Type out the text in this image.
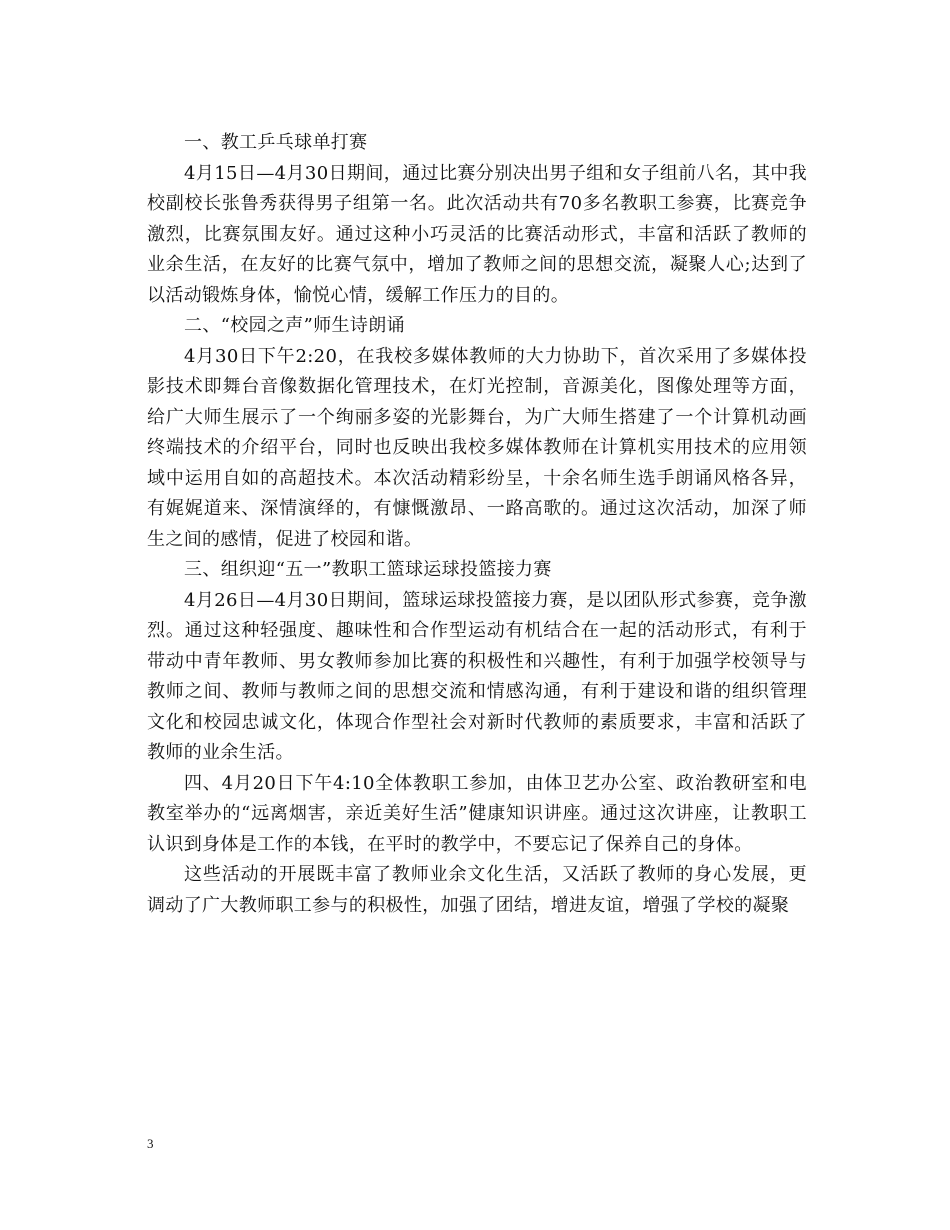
一、教工乒乓球单打赛

4月15日—4月30日期间，通过比赛分别决出男子组和女子组前八名，其中我校副校长张鲁秀获得男子组第一名。此次活动共有70多名教职工参赛，比赛竞争激烈，比赛氛围友好。通过这种小巧灵活的比赛活动形式，丰富和活跃了教师的业余生活，在友好的比赛气氛中，增加了教师之间的思想交流，凝聚人心;达到了以活动锻炼身体，愉悦心情，缓解工作压力的目的。

二、“校园之声”师生诗朗诵

4月30日下午2:20，在我校多媒体教师的大力协助下，首次采用了多媒体投影技术即舞台音像数据化管理技术，在灯光控制，音源美化，图像处理等方面，给广大师生展示了一个绚丽多姿的光影舞台，为广大师生搭建了一个计算机动画终端技术的介绍平台，同时也反映出我校多媒体教师在计算机实用技术的应用领域中运用自如的高超技术。本次活动精彩纷呈，十余名师生选手朗诵风格各异，有娓娓道来、深情演绎的，有慷慨激昂、一路高歌的。通过这次活动，加深了师生之间的感情，促进了校园和谐。

三、组织迎“五一”教职工篮球运球投篮接力赛

4月26日—4月30日期间，篮球运球投篮接力赛，是以团队形式参赛，竞争激烈。通过这种轻强度、趣味性和合作型运动有机结合在一起的活动形式，有利于带动中青年教师、男女教师参加比赛的积极性和兴趣性，有利于加强学校领导与教师之间、教师与教师之间的思想交流和情感沟通，有利于建设和谐的组织管理文化和校园忠诚文化，体现合作型社会对新时代教师的素质要求，丰富和活跃了教师的业余生活。

四、4月20日下午4:10全体教职工参加，由体卫艺办公室、政治教研室和电教室举办的“远离烟害，亲近美好生活”健康知识讲座。通过这次讲座，让教职工认识到身体是工作的本钱，在平时的教学中，不要忘记了保养自己的身体。

这些活动的开展既丰富了教师业余文化生活，又活跃了教师的身心发展，更调动了广大教师职工参与的积极性，加强了团结，增进友谊，增强了学校的凝聚

3
